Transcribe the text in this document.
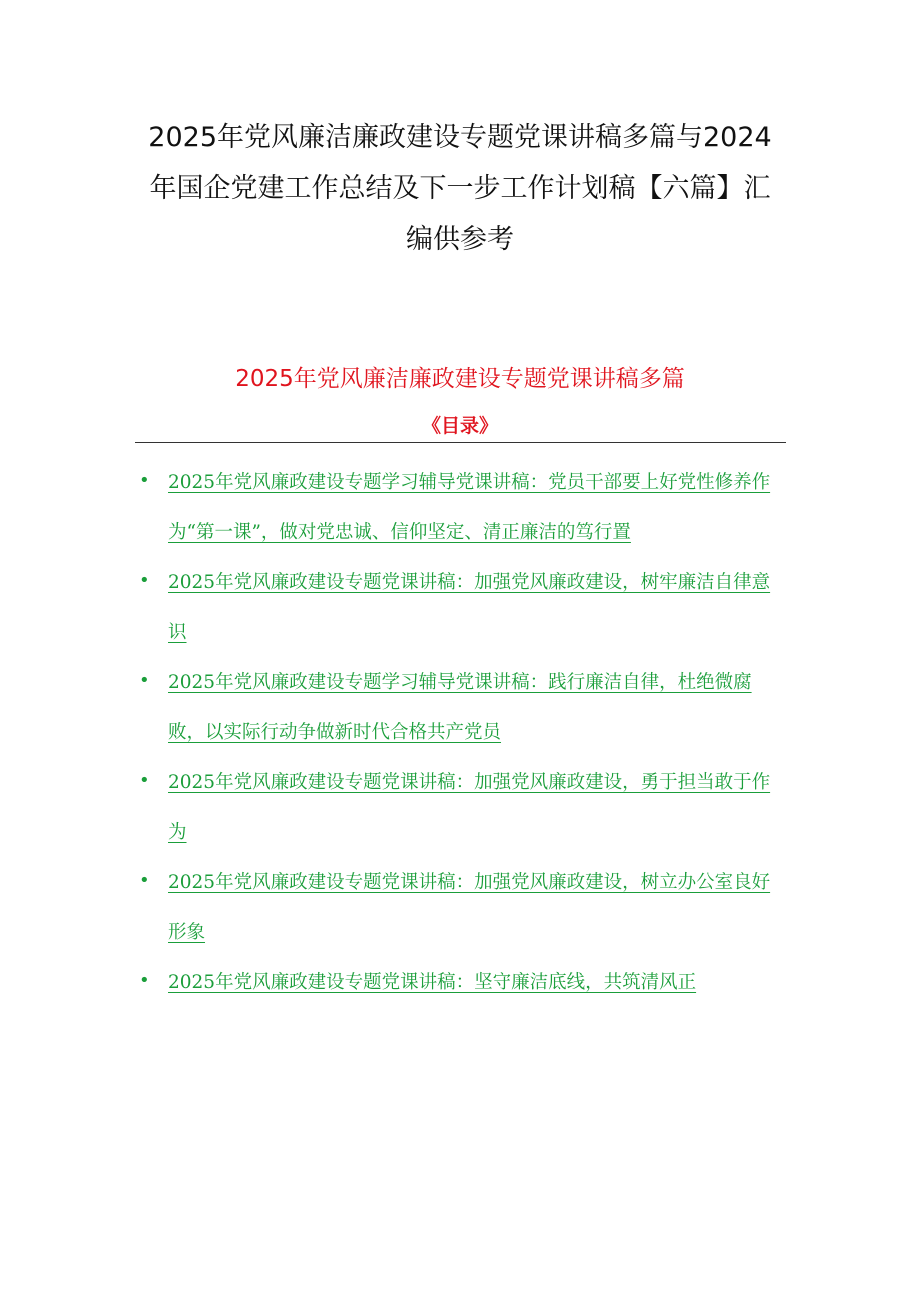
2025年党风廉洁廉政建设专题党课讲稿多篇与2024
年国企党建工作总结及下一步工作计划稿【六篇】汇
编供参考
2025年党风廉洁廉政建设专题党课讲稿多篇
《目录》
• 2025年党风廉政建设专题学习辅导党课讲稿：党员干部要上好党性修养作为“第一课”，做对党忠诚、信仰坚定、清正廉洁的笃行置
• 2025年党风廉政建设专题党课讲稿：加强党风廉政建设，树牢廉洁自律意识
• 2025年党风廉政建设专题学习辅导党课讲稿：践行廉洁自律，杜绝微腐败，以实际行动争做新时代合格共产党员
• 2025年党风廉政建设专题党课讲稿：加强党风廉政建设，勇于担当敢于作为
• 2025年党风廉政建设专题党课讲稿：加强党风廉政建设，树立办公室良好形象
• 2025年党风廉政建设专题党课讲稿：坚守廉洁底线，共筑清风正
